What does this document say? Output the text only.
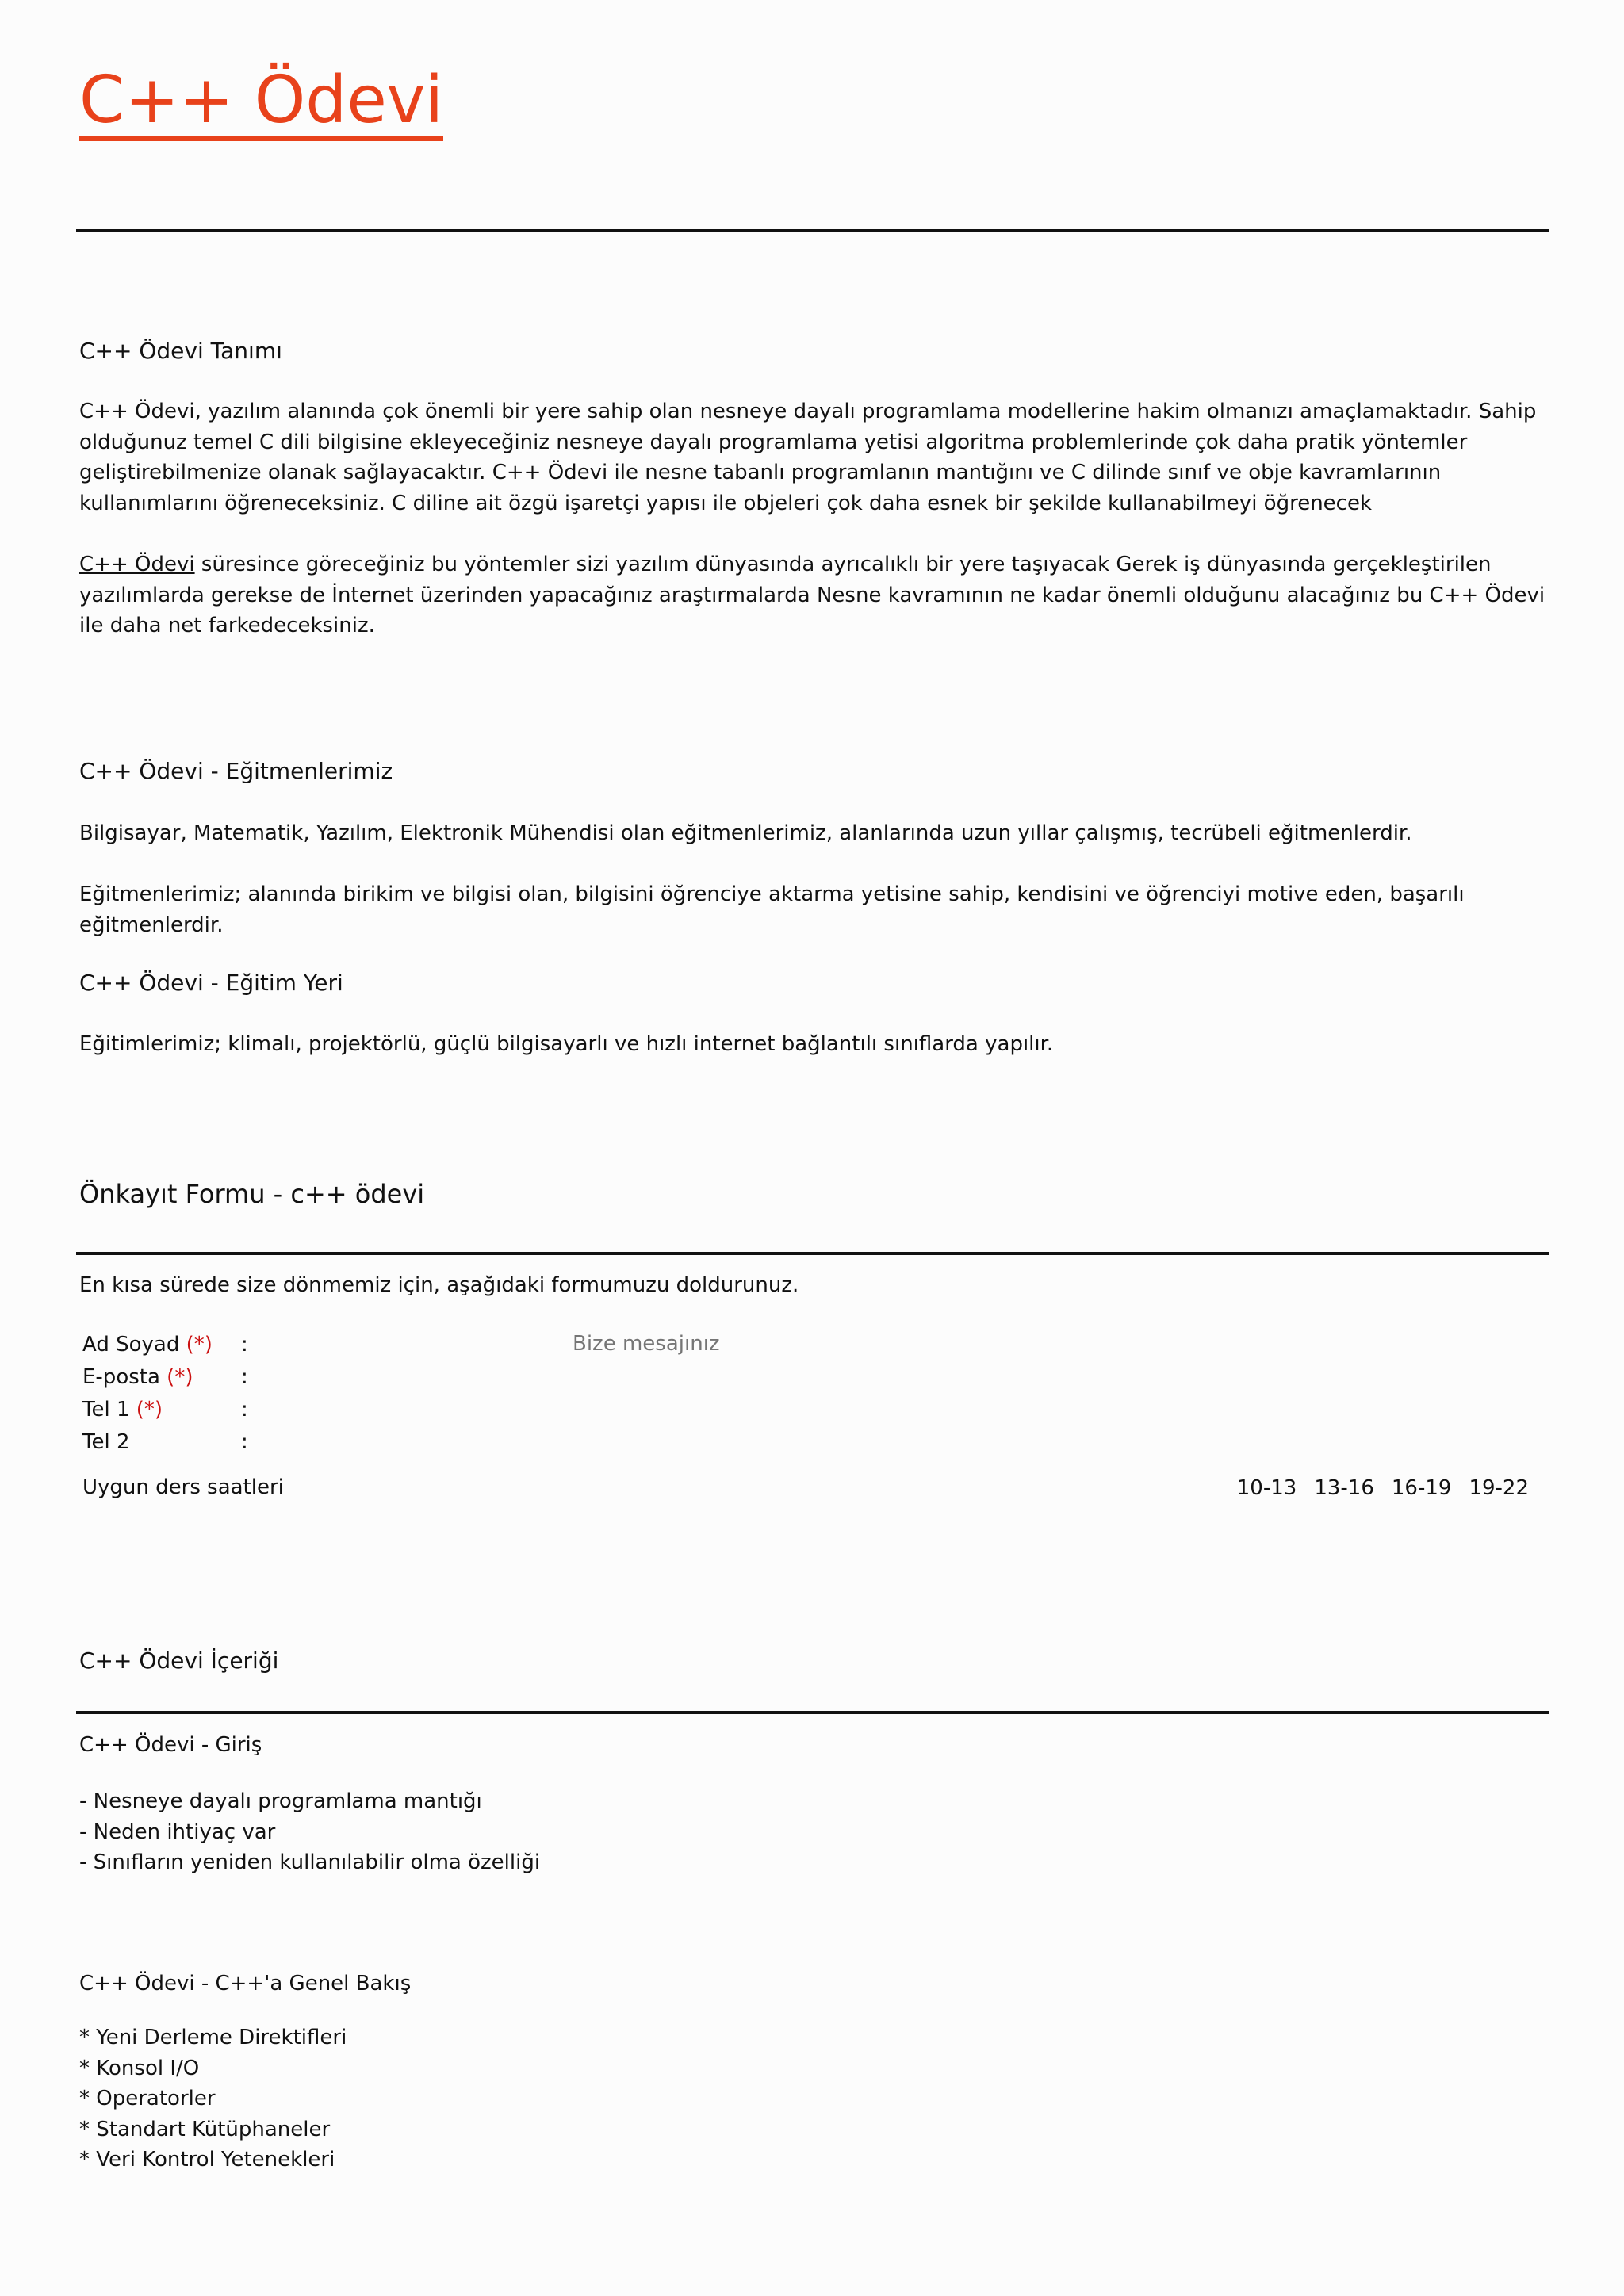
C++ Ödevi
C++ Ödevi Tanımı
C++ Ödevi, yazılım alanında çok önemli bir yere sahip olan nesneye dayalı programlama modellerine hakim olmanızı amaçlamaktadır. Sahip olduğunuz temel C dili bilgisine ekleyeceğiniz nesneye dayalı programlama yetisi algoritma problemlerinde çok daha pratik yöntemler geliştirebilmenize olanak sağlayacaktır. C++ Ödevi ile nesne tabanlı programlanın mantığını ve C dilinde sınıf ve obje kavramlarının kullanımlarını öğreneceksiniz. C diline ait özgü işaretçi yapısı ile objeleri çok daha esnek bir şekilde kullanabilmeyi öğrenecek
C++ Ödevi süresince göreceğiniz bu yöntemler sizi yazılım dünyasında ayrıcalıklı bir yere taşıyacak Gerek iş dünyasında gerçekleştirilen yazılımlarda gerekse de İnternet üzerinden yapacağınız araştırmalarda Nesne kavramının ne kadar önemli olduğunu alacağınız bu C++ Ödevi ile daha net farkedeceksiniz.
C++ Ödevi - Eğitmenlerimiz
Bilgisayar, Matematik, Yazılım, Elektronik Mühendisi olan eğitmenlerimiz, alanlarında uzun yıllar çalışmış, tecrübeli eğitmenlerdir.
Eğitmenlerimiz; alanında birikim ve bilgisi olan, bilgisini öğrenciye aktarma yetisine sahip, kendisini ve öğrenciyi motive eden, başarılı eğitmenlerdir.
C++ Ödevi - Eğitim Yeri
Eğitimlerimiz; klimalı, projektörlü, güçlü bilgisayarlı ve hızlı internet bağlantılı sınıflarda yapılır.
Önkayıt Formu - c++ ödevi
En kısa sürede size dönmemiz için, aşağıdaki formumuzu doldurunuz.
Ad Soyad (*) :
E-posta (*) :
Tel 1 (*)	:
Tel 2	:
Bize mesajınız
Uygun ders saatleri	10-13 13-16 16-19 19-22
C++ Ödevi İçeriği
C++ Ödevi - Giriş
- Nesneye dayalı programlama mantığı
- Neden ihtiyaç var
- Sınıfların yeniden kullanılabilir olma özelliği
C++ Ödevi - C++'a Genel Bakış
* Yeni Derleme Direktifleri
* Konsol I/O
* Operatorler
* Standart Kütüphaneler
* Veri Kontrol Yetenekleri
